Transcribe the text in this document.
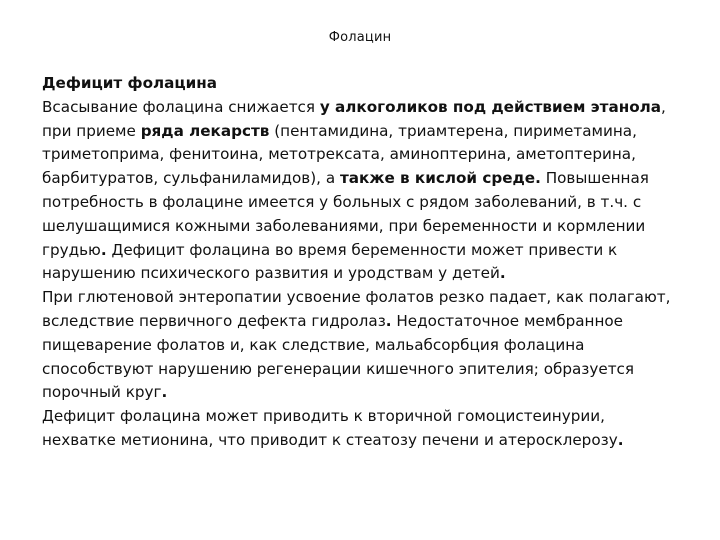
Фолацин

Дефицит фолацина

Всасывание фолацина снижается у алкоголиков под действием этанола, при приеме ряда лекарств (пентамидина, триамтерена, пириметамина, триметоприма, фенитоина, метотрексата, аминоптерина, аметоптерина, барбитуратов, сульфаниламидов), а также в кислой среде. Повышенная потребность в фолацине имеется у больных с рядом заболеваний, в т.ч. с шелушащимися кожными заболеваниями, при беременности и кормлении грудью. Дефицит фолацина во время беременности может привести к нарушению психического развития и уродствам у детей.

При глютеновой энтеропатии усвоение фолатов резко падает, как полагают, вследствие первичного дефекта гидролаз. Недостаточное мембранное пищеварение фолатов и, как следствие, мальабсорбция фолацина способствуют нарушению регенерации кишечного эпителия; образуется порочный круг.

Дефицит фолацина может приводить к вторичной гомоцистеинурии, нехватке метионина, что приводит к стеатозу печени и атеросклерозу.
